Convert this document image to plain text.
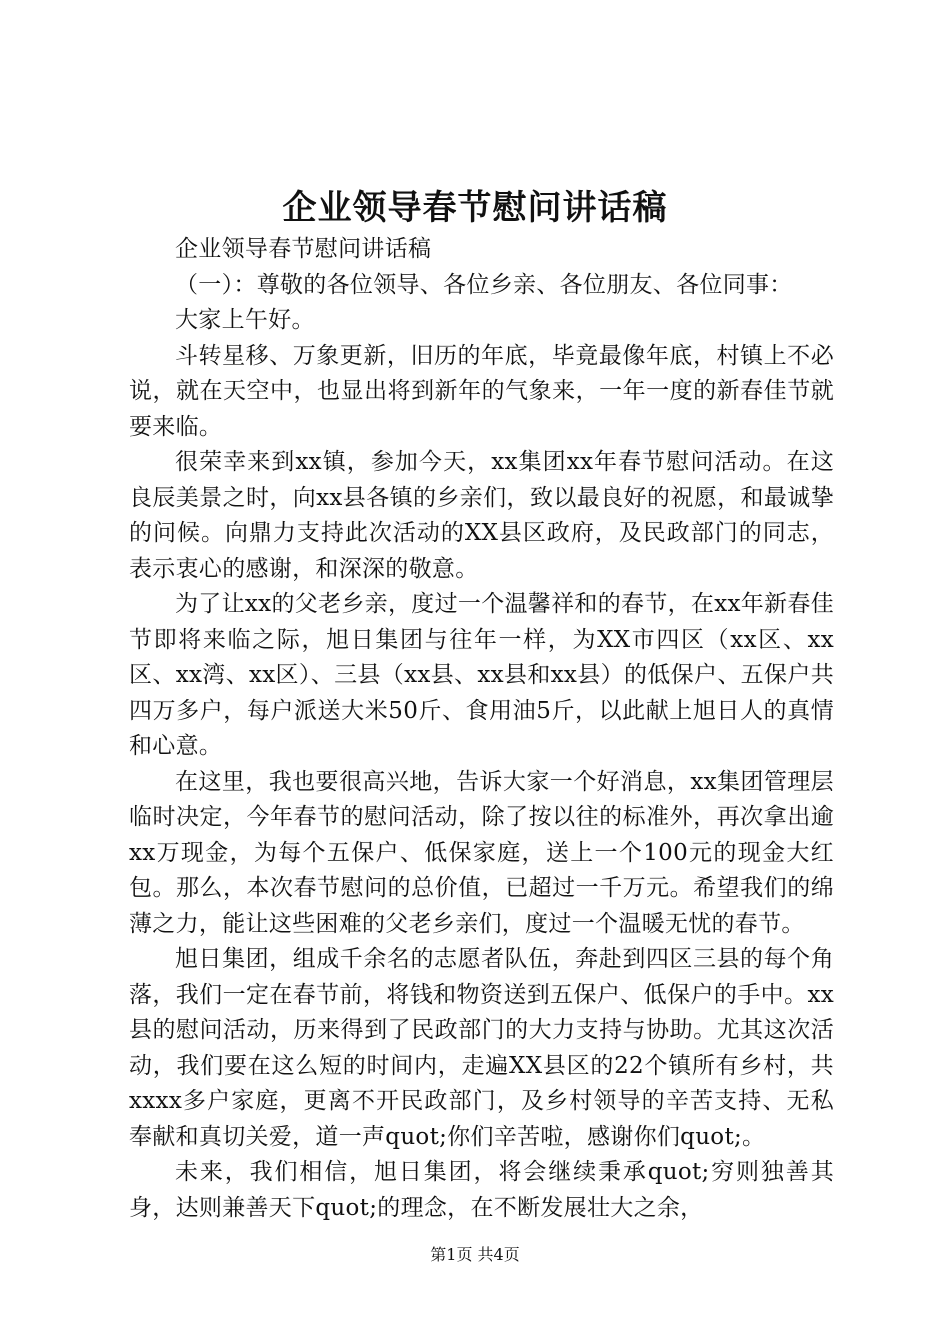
企业领导春节慰问讲话稿

企业领导春节慰问讲话稿

（一）：尊敬的各位领导、各位乡亲、各位朋友、各位同事：

大家上午好。

斗转星移、万象更新，旧历的年底，毕竟最像年底，村镇上不必说，就在天空中，也显出将到新年的气象来，一年一度的新春佳节就要来临。

很荣幸来到xx镇，参加今天，xx集团xx年春节慰问活动。在这良辰美景之时，向xx县各镇的乡亲们，致以最良好的祝愿，和最诚挚的问候。向鼎力支持此次活动的XX县区政府，及民政部门的同志，表示衷心的感谢，和深深的敬意。

为了让xx的父老乡亲，度过一个温馨祥和的春节，在xx年新春佳节即将来临之际，旭日集团与往年一样，为XX市四区（xx区、xx区、xx湾、xx区）、三县（xx县、xx县和xx县）的低保户、五保户共四万多户，每户派送大米50斤、食用油5斤，以此献上旭日人的真情和心意。

在这里，我也要很高兴地，告诉大家一个好消息，xx集团管理层临时决定，今年春节的慰问活动，除了按以往的标准外，再次拿出逾xx万现金，为每个五保户、低保家庭，送上一个100元的现金大红包。那么，本次春节慰问的总价值，已超过一千万元。希望我们的绵薄之力，能让这些困难的父老乡亲们，度过一个温暖无忧的春节。

旭日集团，组成千余名的志愿者队伍，奔赴到四区三县的每个角落，我们一定在春节前，将钱和物资送到五保户、低保户的手中。xx县的慰问活动，历来得到了民政部门的大力支持与协助。尤其这次活动，我们要在这么短的时间内，走遍XX县区的22个镇所有乡村，共xxxx多户家庭，更离不开民政部门，及乡村领导的辛苦支持、无私奉献和真切关爱，道一声quot;你们辛苦啦，感谢你们quot;。

未来，我们相信，旭日集团，将会继续秉承quot;穷则独善其身，达则兼善天下quot;的理念，在不断发展壮大之余，

第1页 共4页
